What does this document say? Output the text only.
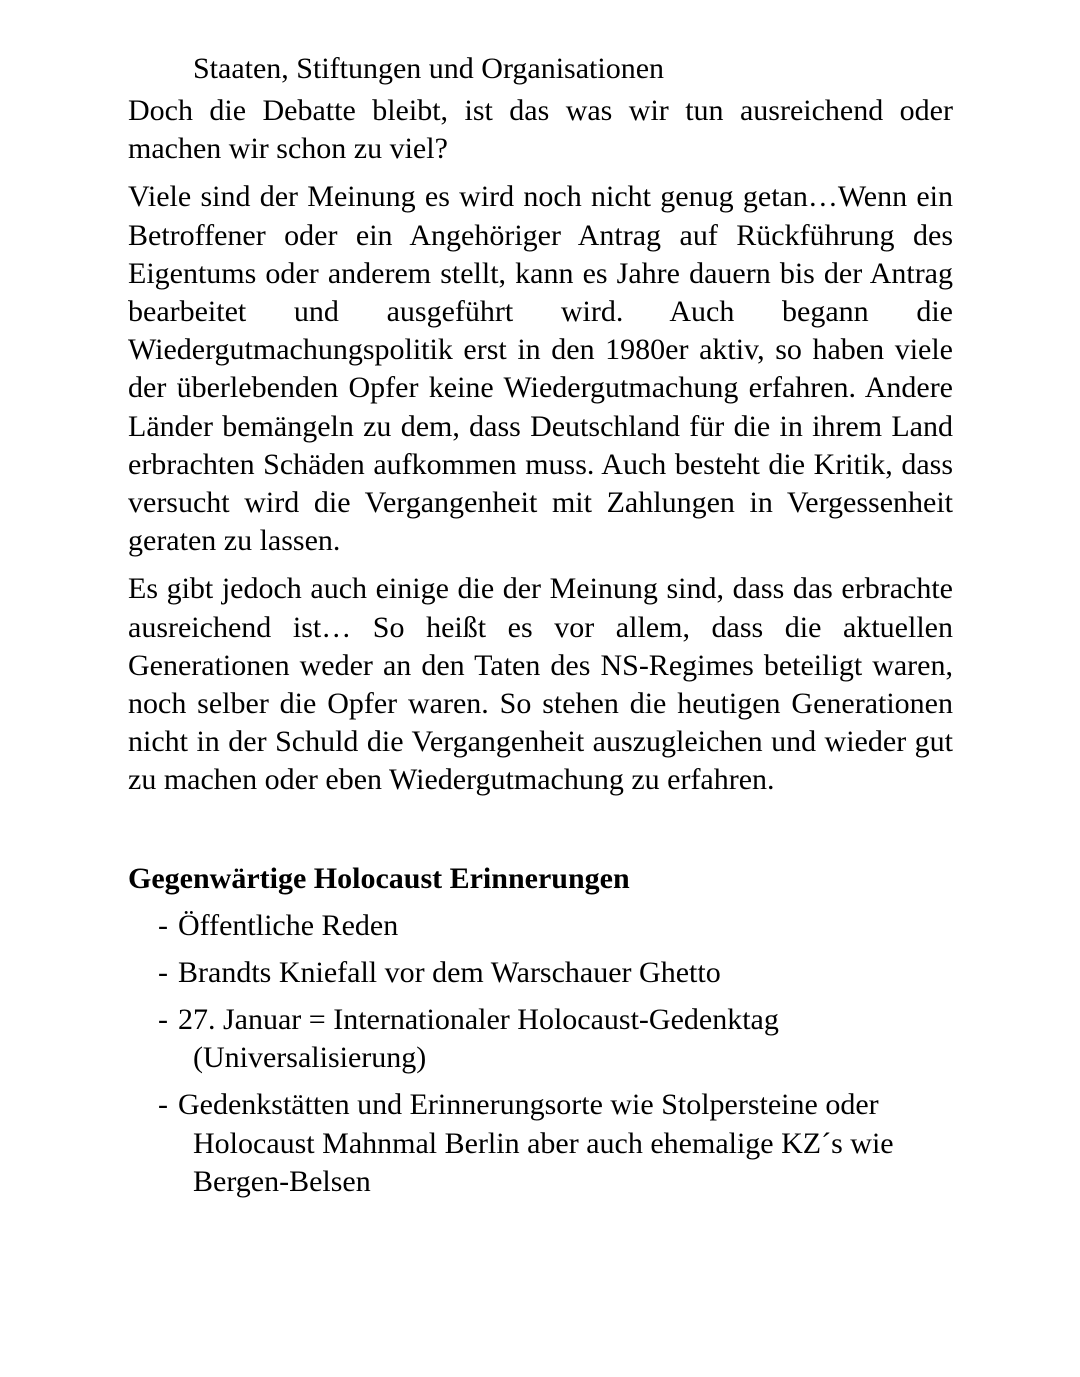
Staaten, Stiftungen und Organisationen

Doch die Debatte bleibt, ist das was wir tun ausreichend oder machen wir schon zu viel?

Viele sind der Meinung es wird noch nicht genug getan…Wenn ein Betroffener oder ein Angehöriger Antrag auf Rückführung des Eigentums oder anderem stellt, kann es Jahre dauern bis der Antrag bearbeitet und ausgeführt wird. Auch begann die Wiedergutmachungspolitik erst in den 1980er aktiv, so haben viele der überlebenden Opfer keine Wiedergutmachung erfahren. Andere Länder bemängeln zu dem, dass Deutschland für die in ihrem Land erbrachten Schäden aufkommen muss. Auch besteht die Kritik, dass versucht wird die Vergangenheit mit Zahlungen in Vergessenheit geraten zu lassen.

Es gibt jedoch auch einige die der Meinung sind, dass das erbrachte ausreichend ist… So heißt es vor allem, dass die aktuellen Generationen weder an den Taten des NS-Regimes beteiligt waren, noch selber die Opfer waren. So stehen die heutigen Generationen nicht in der Schuld die Vergangenheit auszugleichen und wieder gut zu machen oder eben Wiedergutmachung zu erfahren.

Gegenwärtige Holocaust Erinnerungen
- Öffentliche Reden
- Brandts Kniefall vor dem Warschauer Ghetto
- 27. Januar = Internationaler Holocaust-Gedenktag (Universalisierung)
- Gedenkstätten und Erinnerungsorte wie Stolpersteine oder Holocaust Mahnmal Berlin aber auch ehemalige KZ´s wie Bergen-Belsen
